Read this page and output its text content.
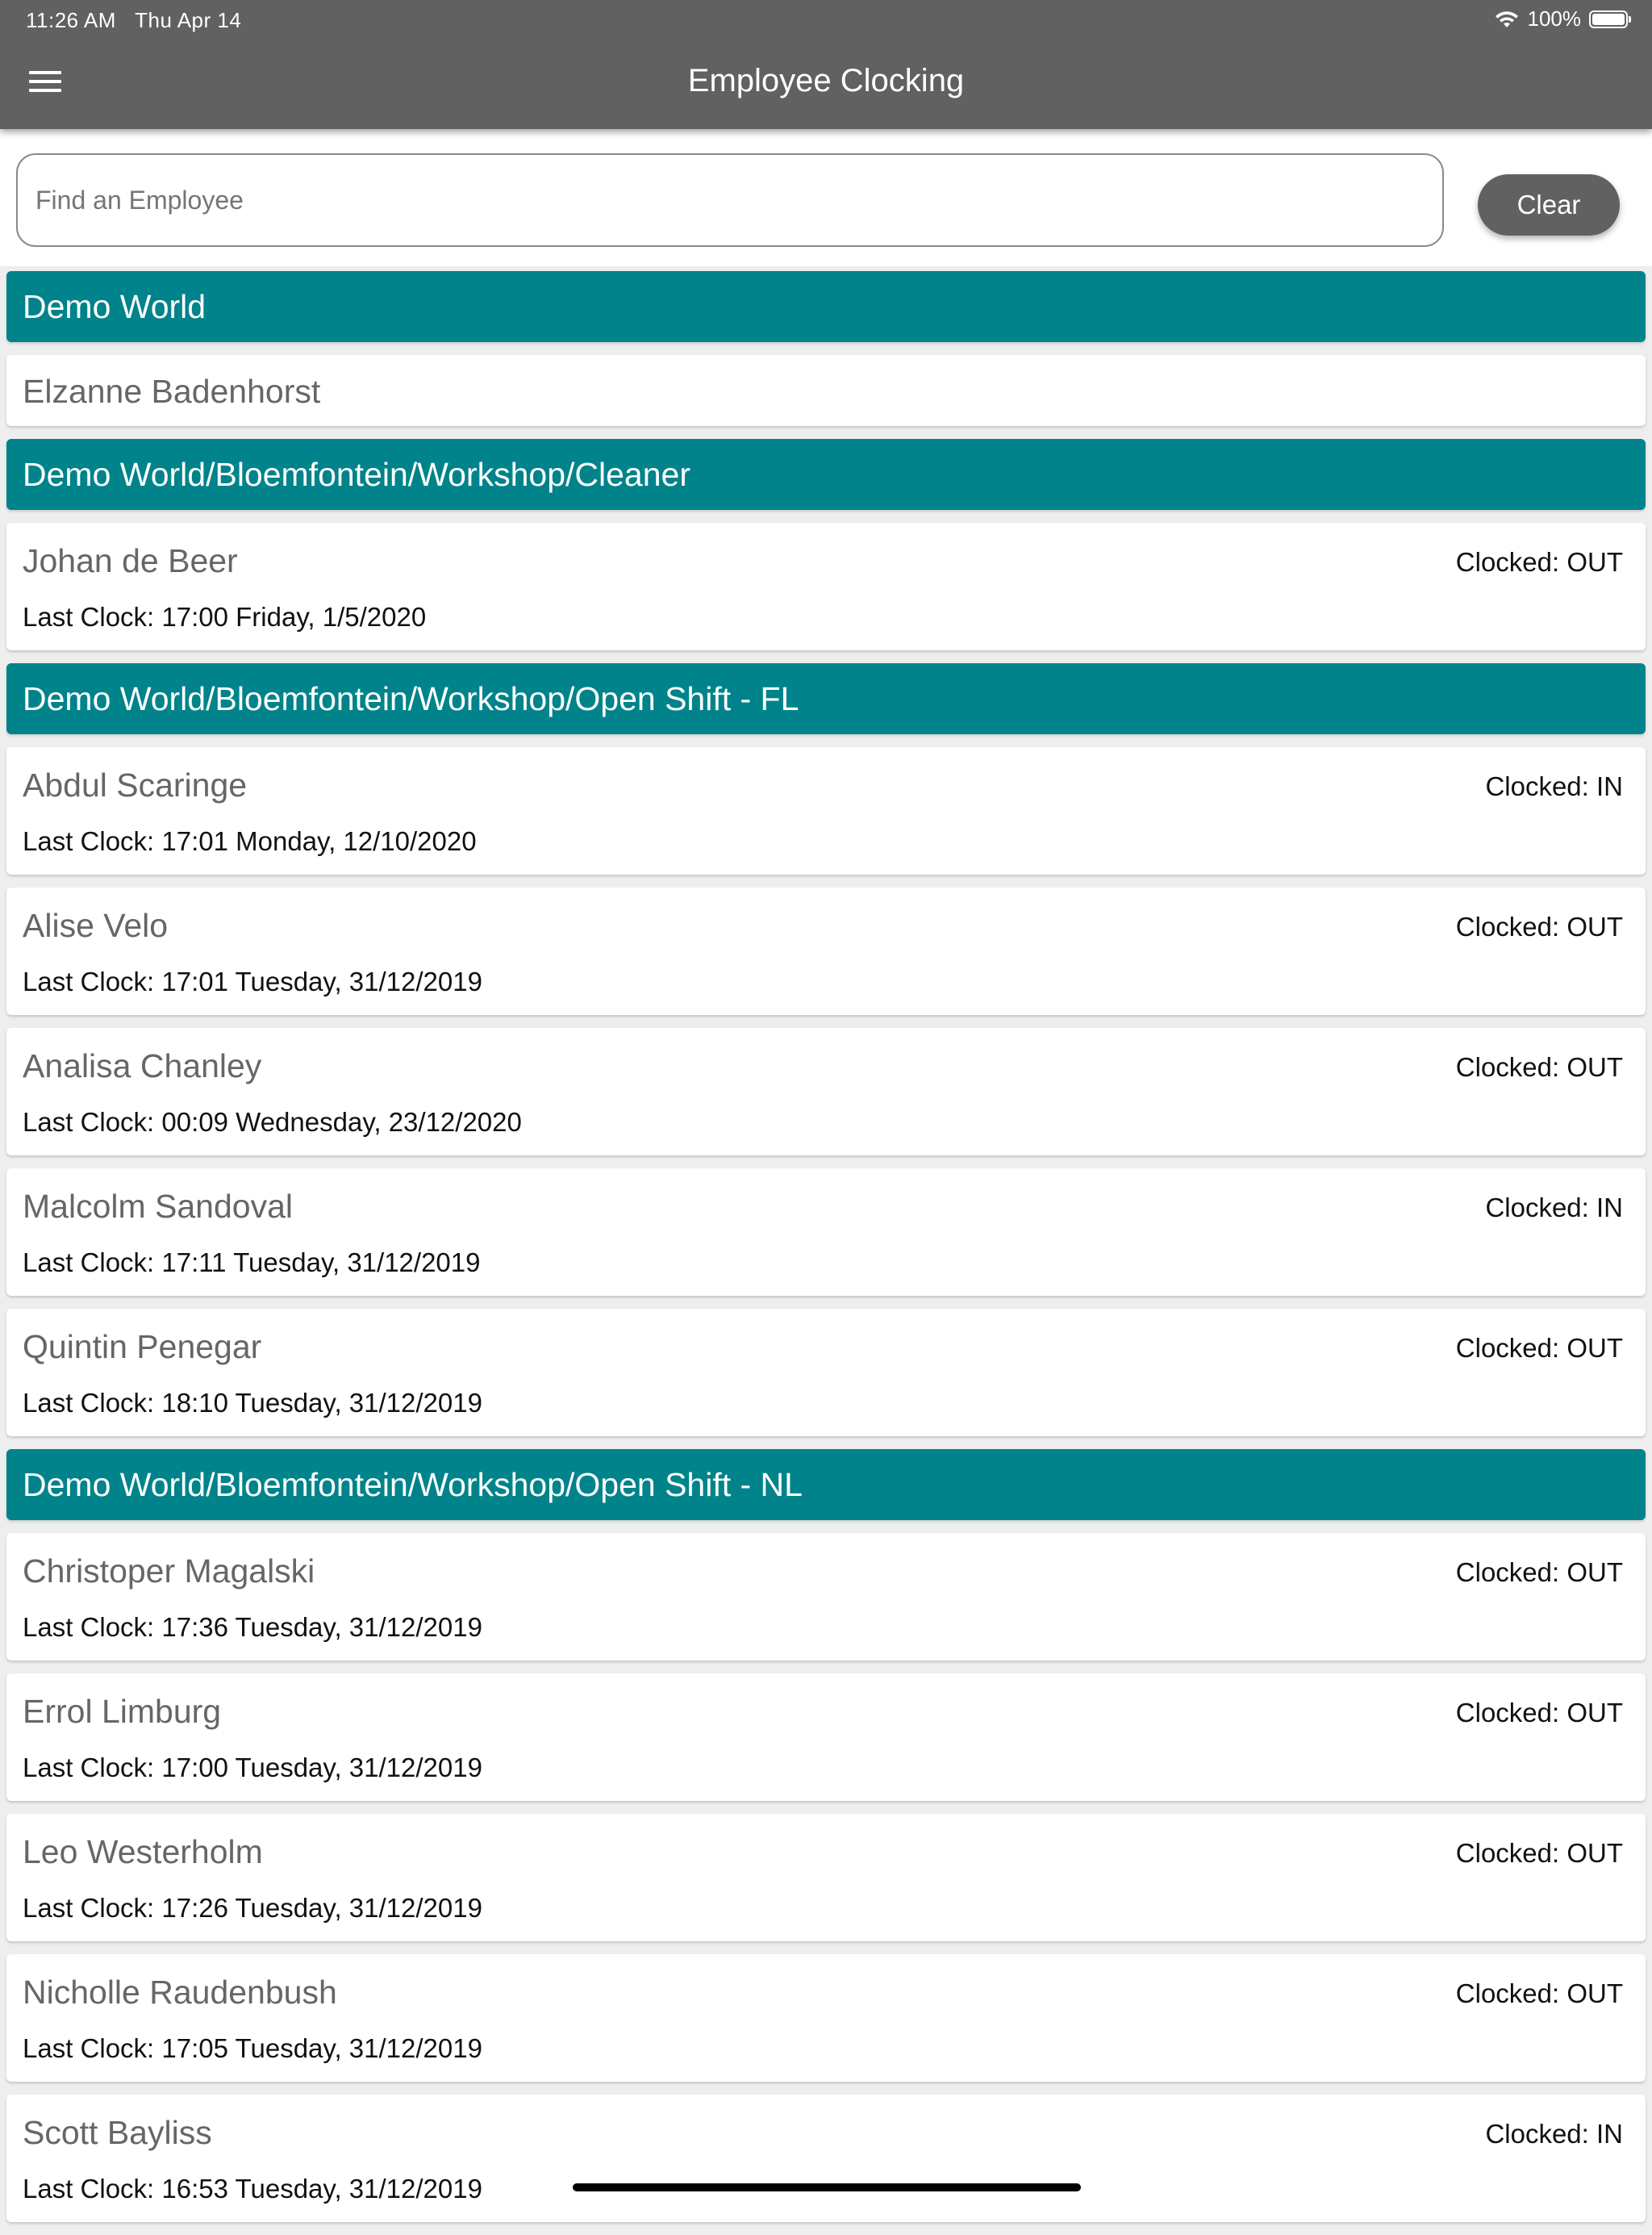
11:26 AM Thu Apr 14	100%
Employee Clocking
Find an Employee
Clear
Demo World
Elzanne Badenhorst
Demo World/Bloemfontein/Workshop/Cleaner
Johan de Beer
Last Clock: 17:00 Friday, 1/5/2020
Clocked: OUT
Demo World/Bloemfontein/Workshop/Open Shift - FL
Abdul Scaringe
Last Clock: 17:01 Monday, 12/10/2020
Clocked: IN
Alise Velo
Last Clock: 17:01 Tuesday, 31/12/2019
Clocked: OUT
Analisa Chanley
Last Clock: 00:09 Wednesday, 23/12/2020
Clocked: OUT
Malcolm Sandoval
Last Clock: 17:11 Tuesday, 31/12/2019
Clocked: IN
Quintin Penegar
Last Clock: 18:10 Tuesday, 31/12/2019
Clocked: OUT
Demo World/Bloemfontein/Workshop/Open Shift - NL
Christoper Magalski
Last Clock: 17:36 Tuesday, 31/12/2019
Clocked: OUT
Errol Limburg
Last Clock: 17:00 Tuesday, 31/12/2019
Clocked: OUT
Leo Westerholm
Last Clock: 17:26 Tuesday, 31/12/2019
Clocked: OUT
Nicholle Raudenbush
Last Clock: 17:05 Tuesday, 31/12/2019
Clocked: OUT
Scott Bayliss
Last Clock: 16:53 Tuesday, 31/12/2019
Clocked: IN
